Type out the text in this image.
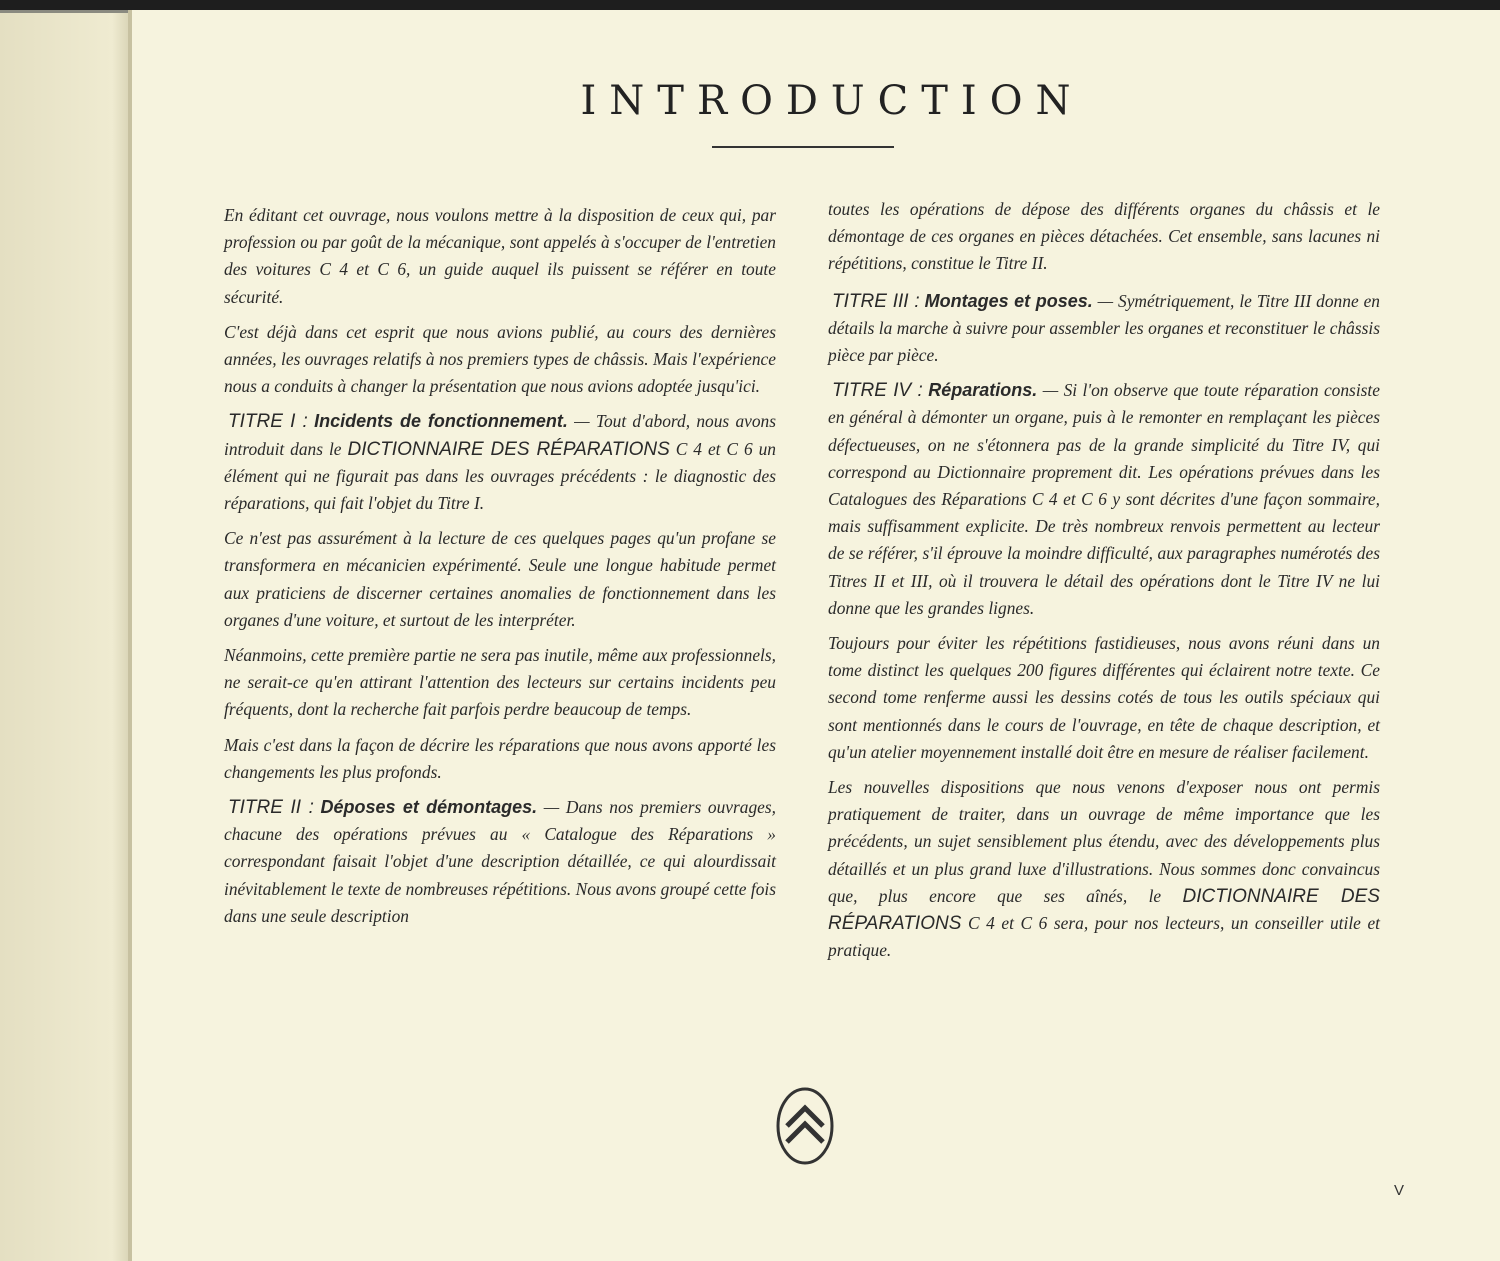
INTRODUCTION

En éditant cet ouvrage, nous voulons mettre à la disposition de ceux qui, par profession ou par goût de la mécanique, sont appelés à s'occuper de l'entretien des voitures C 4 et C 6, un guide auquel ils puissent se référer en toute sécurité.

C'est déjà dans cet esprit que nous avions publié, au cours des dernières années, les ouvrages relatifs à nos premiers types de châssis. Mais l'expérience nous a conduits à changer la présentation que nous avions adoptée jusqu'ici.

TITRE I : Incidents de fonctionnement. — Tout d'abord, nous avons introduit dans le DICTIONNAIRE DES RÉPARATIONS C 4 et C 6 un élément qui ne figurait pas dans les ouvrages précédents : le diagnostic des réparations, qui fait l'objet du Titre I.

Ce n'est pas assurément à la lecture de ces quelques pages qu'un profane se transformera en mécanicien expérimenté. Seule une longue habitude permet aux praticiens de discerner certaines anomalies de fonctionnement dans les organes d'une voiture, et surtout de les interpréter.

Néanmoins, cette première partie ne sera pas inutile, même aux professionnels, ne serait-ce qu'en attirant l'attention des lecteurs sur certains incidents peu fréquents, dont la recherche fait parfois perdre beaucoup de temps.

Mais c'est dans la façon de décrire les réparations que nous avons apporté les changements les plus profonds.

TITRE II : Déposes et démontages. — Dans nos premiers ouvrages, chacune des opérations prévues au « Catalogue des Réparations » correspondant faisait l'objet d'une description détaillée, ce qui alourdissait inévitablement le texte de nombreuses répétitions. Nous avons groupé cette fois dans une seule description

toutes les opérations de dépose des différents organes du châssis et le démontage de ces organes en pièces détachées. Cet ensemble, sans lacunes ni répétitions, constitue le Titre II.

TITRE III : Montages et poses. — Symétriquement, le Titre III donne en détails la marche à suivre pour assembler les organes et reconstituer le châssis pièce par pièce.

TITRE IV : Réparations. — Si l'on observe que toute réparation consiste en général à démonter un organe, puis à le remonter en remplaçant les pièces défectueuses, on ne s'étonnera pas de la grande simplicité du Titre IV, qui correspond au Dictionnaire proprement dit. Les opérations prévues dans les Catalogues des Réparations C 4 et C 6 y sont décrites d'une façon sommaire, mais suffisamment explicite. De très nombreux renvois permettent au lecteur de se référer, s'il éprouve la moindre difficulté, aux paragraphes numérotés des Titres II et III, où il trouvera le détail des opérations dont le Titre IV ne lui donne que les grandes lignes.

Toujours pour éviter les répétitions fastidieuses, nous avons réuni dans un tome distinct les quelques 200 figures différentes qui éclairent notre texte. Ce second tome renferme aussi les dessins cotés de tous les outils spéciaux qui sont mentionnés dans le cours de l'ouvrage, en tête de chaque description, et qu'un atelier moyennement installé doit être en mesure de réaliser facilement.

Les nouvelles dispositions que nous venons d'exposer nous ont permis pratiquement de traiter, dans un ouvrage de même importance que les précédents, un sujet sensiblement plus étendu, avec des développements plus détaillés et un plus grand luxe d'illustrations. Nous sommes donc convaincus que, plus encore que ses aînés, le DICTIONNAIRE DES RÉPARATIONS C 4 et C 6 sera, pour nos lecteurs, un conseiller utile et pratique.

V
